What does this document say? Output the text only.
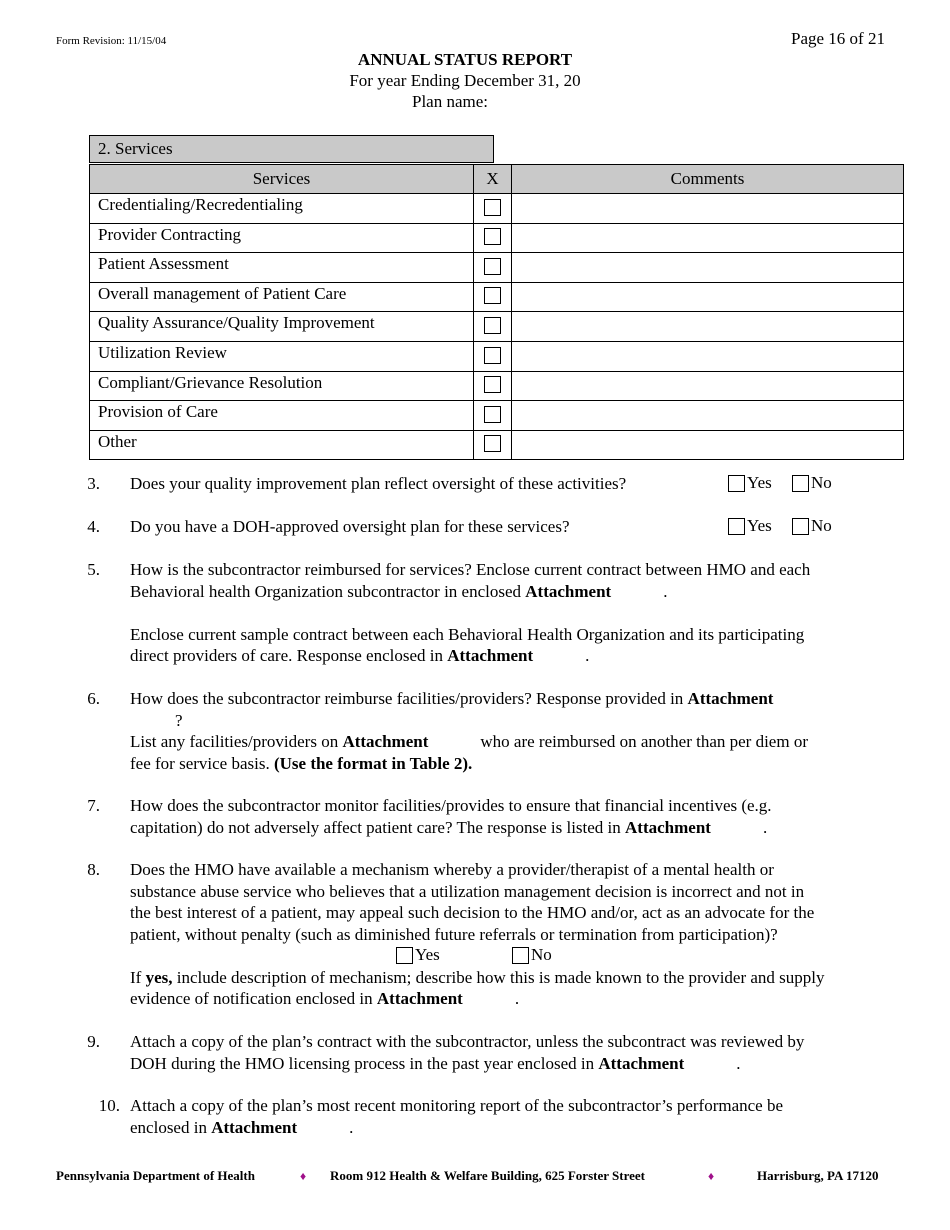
Form Revision: 11/15/04	Page 16 of 21
ANNUAL STATUS REPORT
For year Ending December 31, 20
Plan name:
2. Services
Services	X	Comments
Credentialing/Recredentialing		
Provider Contracting		
Patient Assessment		
Overall management of Patient Care		
Quality Assurance/Quality Improvement		
Utilization Review		
Compliant/Grievance Resolution		
Provision of Care		
Other		
3. Does your quality improvement plan reflect oversight of these activities?	Yes No
4. Do you have a DOH-approved oversight plan for these services?	Yes No
5. How is the subcontractor reimbursed for services? Enclose current contract between HMO and each
Behavioral health Organization subcontractor in enclosed Attachment	.
Enclose current sample contract between each Behavioral Health Organization and its participating
direct providers of care. Response enclosed in Attachment	.
6. How does the subcontractor reimburse facilities/providers? Response provided in Attachment
?
List any facilities/providers on Attachment	who are reimbursed on another than per diem or
fee for service basis. (Use the format in Table 2).
7. How does the subcontractor monitor facilities/provides to ensure that financial incentives (e.g.
capitation) do not adversely affect patient care? The response is listed in Attachment	.
8. Does the HMO have available a mechanism whereby a provider/therapist of a mental health or
substance abuse service who believes that a utilization management decision is incorrect and not in
the best interest of a patient, may appeal such decision to the HMO and/or, act as an advocate for the
patient, without penalty (such as diminished future referrals or termination from participation)?
If yes, include description of mechanism; describe how this is made known to the provider and supply
evidence of notification enclosed in Attachment	.
Yes	No
9. Attach a copy of the plan’s contract with the subcontractor, unless the subcontract was reviewed by
DOH during the HMO licensing process in the past year enclosed in Attachment	.
10. Attach a copy of the plan’s most recent monitoring report of the subcontractor’s performance be
enclosed in Attachment	.
Pennsylvania Department of Health	♦ Room 912 Health & Welfare Building, 625 Forster Street	♦	Harrisburg, PA 17120
